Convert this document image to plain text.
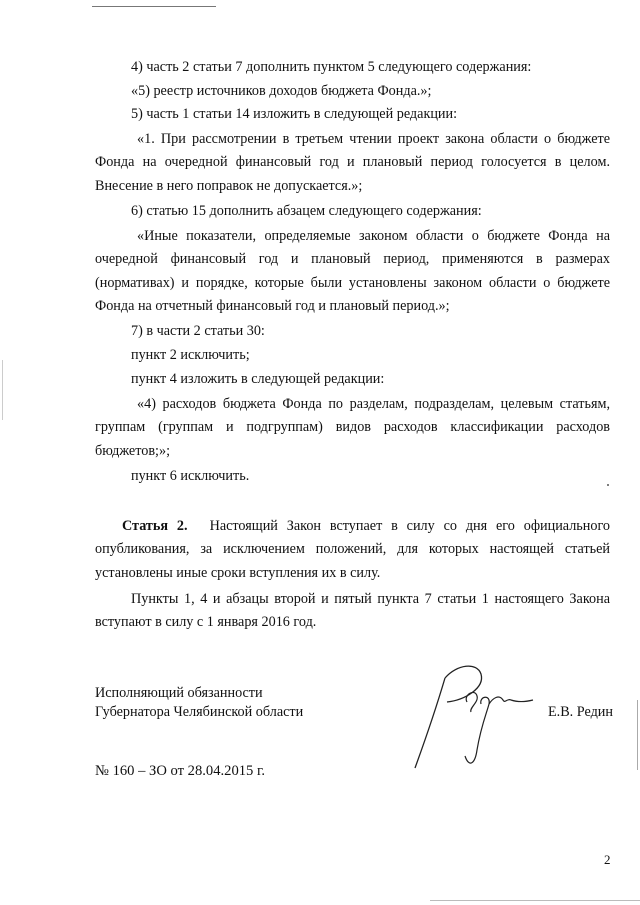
4) часть 2 статьи 7 дополнить пунктом 5 следующего содержания:

«5) реестр источников доходов бюджета Фонда.»;

5) часть 1 статьи 14 изложить в следующей редакции:

«1. При рассмотрении в третьем чтении проект закона области о бюджете Фонда на очередной финансовый год и плановый период голосуется в целом. Внесение в него поправок не допускается.»;

6) статью 15 дополнить абзацем следующего содержания:

«Иные показатели, определяемые законом области о бюджете Фонда на очередной финансовый год и плановый период, применяются в размерах (нормативах) и порядке, которые были установлены законом области о бюджете Фонда на отчетный финансовый год и плановый период.»;

7) в части 2 статьи 30:

пункт 2 исключить;

пункт 4 изложить в следующей редакции:

«4) расходов бюджета Фонда по разделам, подразделам, целевым статьям, группам (группам и подгруппам) видов расходов классификации расходов бюджетов;»;

пункт 6 исключить.

Статья 2. Настоящий Закон вступает в силу со дня его официального опубликования, за исключением положений, для которых настоящей статьей установлены иные сроки вступления их в силу.

Пункты 1, 4 и абзацы второй и пятый пункта 7 статьи 1 настоящего Закона вступают в силу с 1 января 2016 год.

Исполняющий обязанности
Губернатора Челябинской области	Е.В. Редин
№ 160 – ЗО от 28.04.2015 г.
2
